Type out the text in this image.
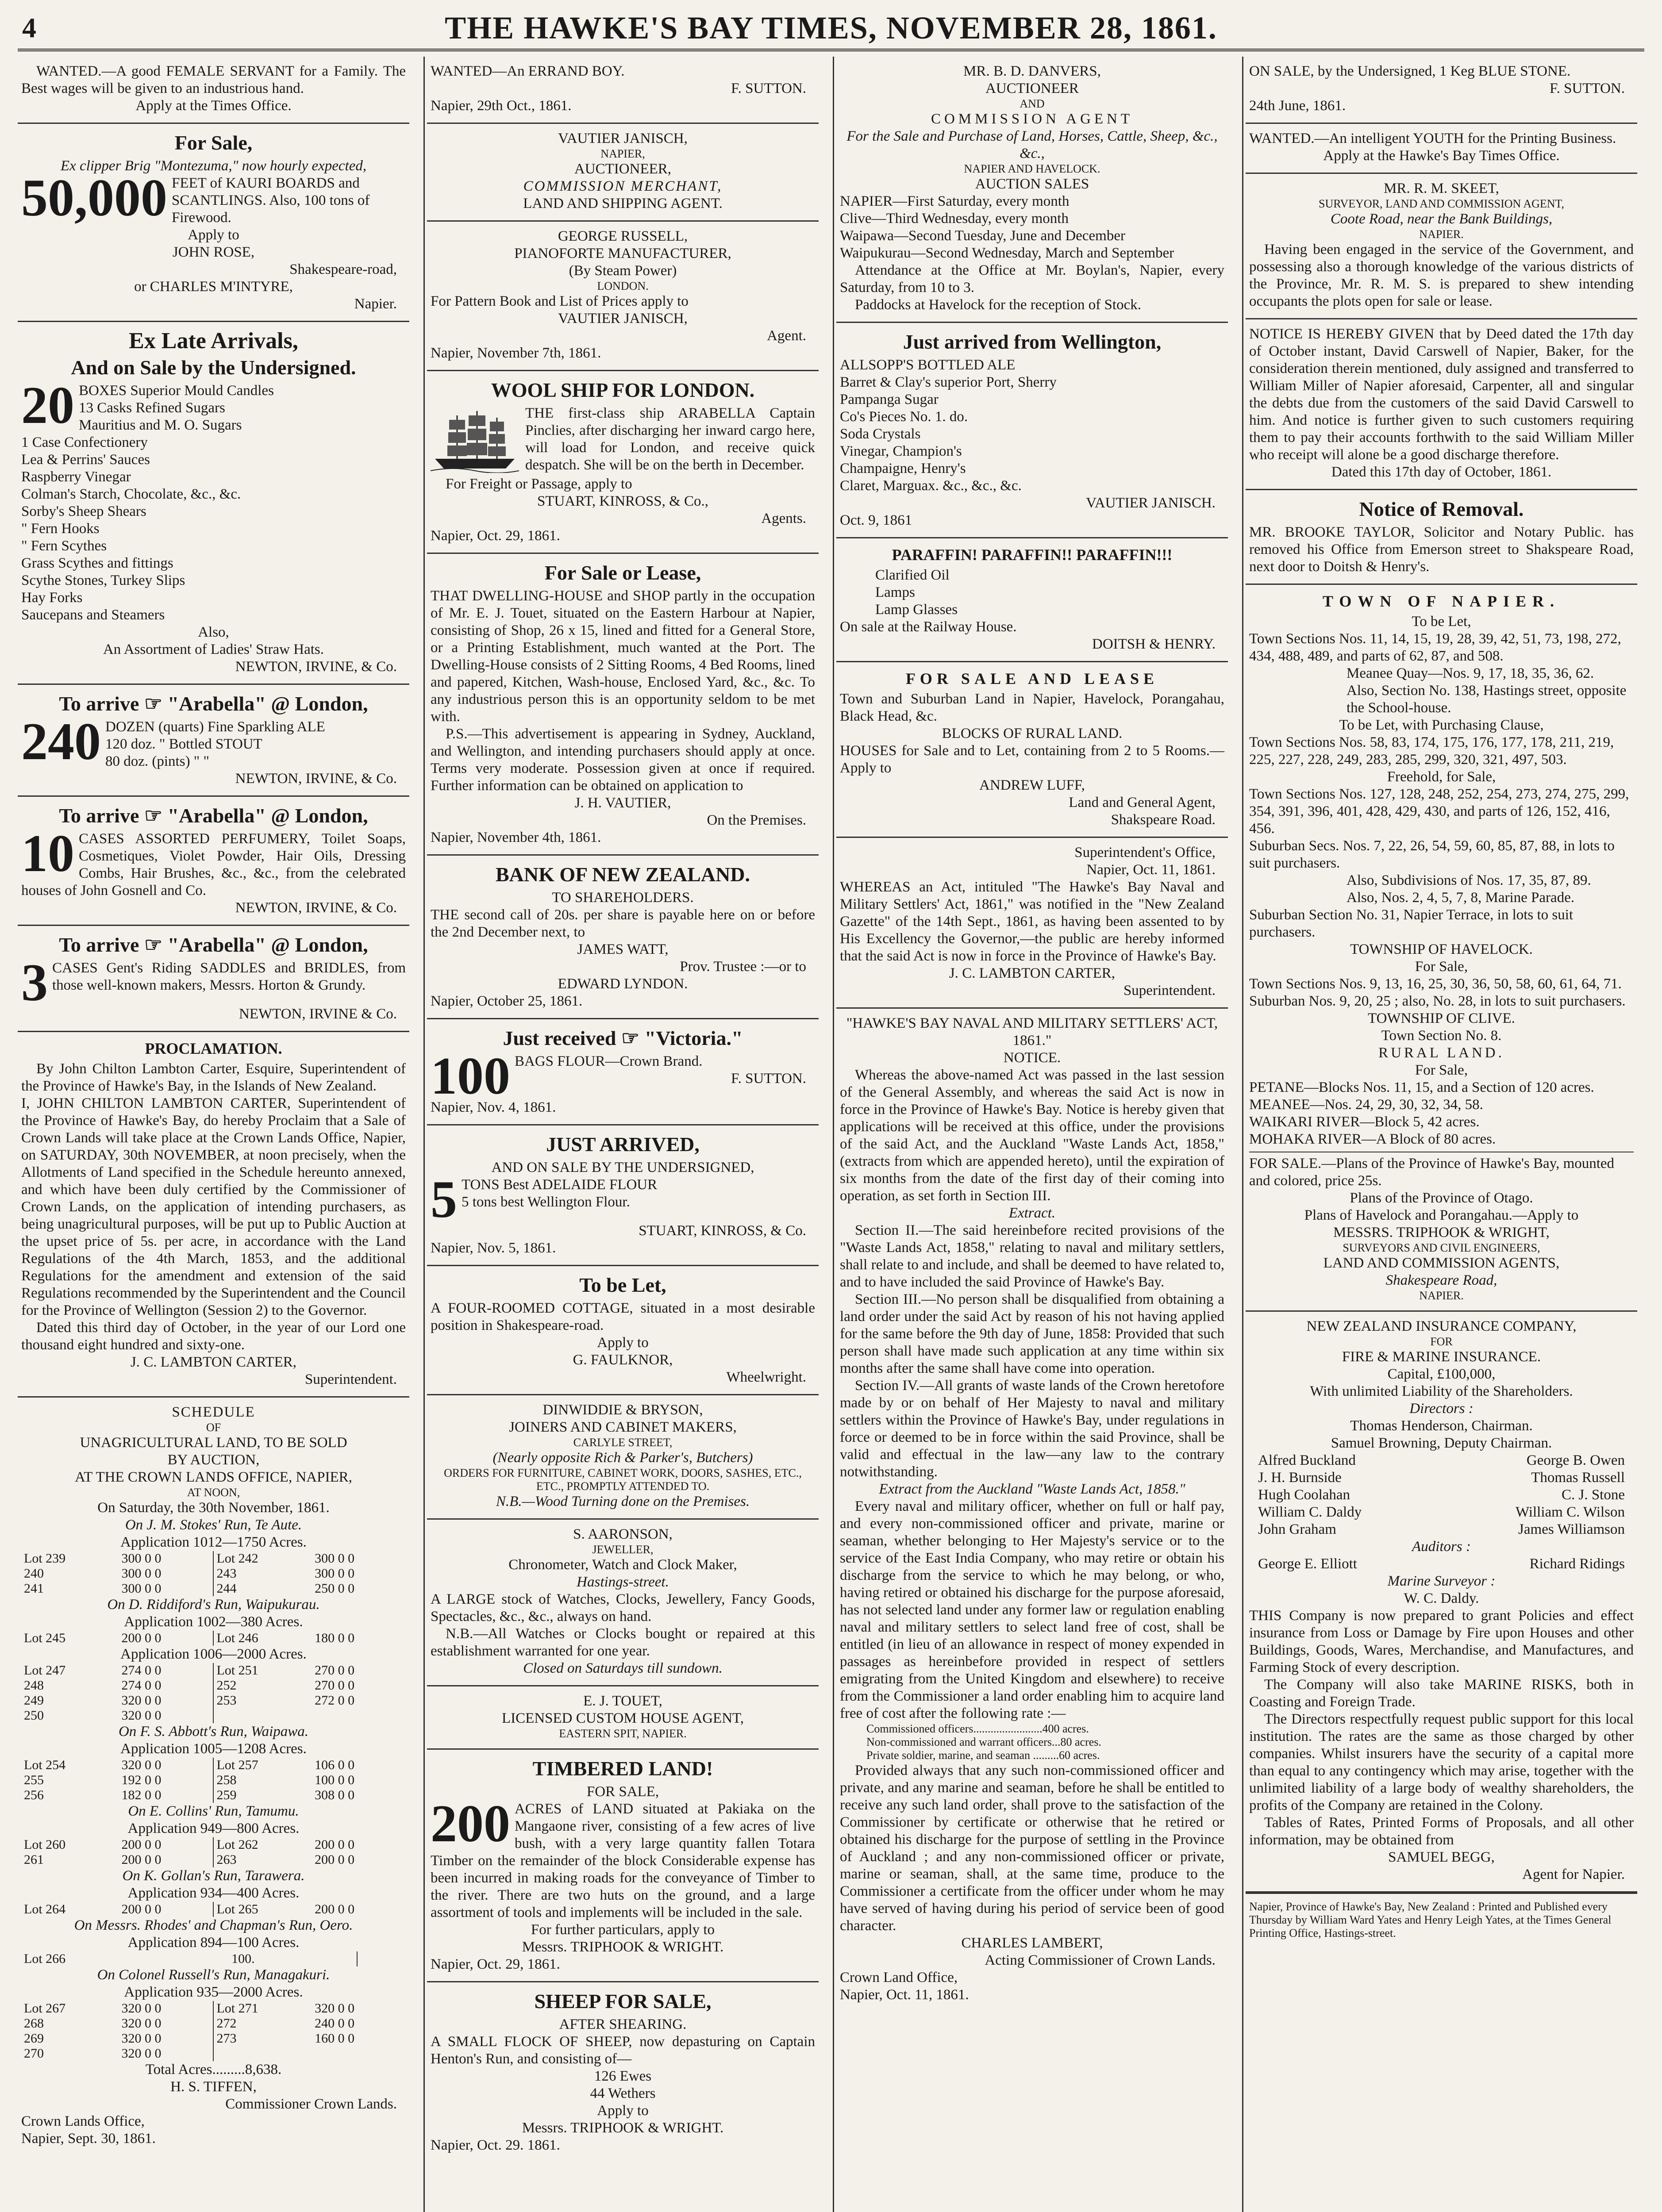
4	THE HAWKE'S BAY TIMES, NOVEMBER 28, 1861.
WANTED.—A good FEMALE SERVANT for a Family. The Best wages will be given to an industrious hand.
Apply at the Times Office.
For Sale,
Ex clipper Brig "Montezuma," now hourly expected,
50,000 FEET of KAURI BOARDS and SCANTLINGS. Also, 100 tons of Firewood.
Apply to
JOHN ROSE,
Shakespeare-road,
or CHARLES M'INTYRE,
Napier.
Ex Late Arrivals,
And on Sale by the Undersigned.
20 BOXES Superior Mould Candles
13 Casks Refined Sugars
Mauritius and M. O. Sugars
1 Case Confectionery
Lea & Perrins' Sauces
Raspberry Vinegar
Colman's Starch, Chocolate, &c., &c.
Sorby's Sheep Shears
" Fern Hooks
" Fern Scythes
Grass Scythes and fittings
Scythe Stones, Turkey Slips
Hay Forks
Saucepans and Steamers
Also,
An Assortment of Ladies' Straw Hats.
NEWTON, IRVINE, & Co.
To arrive ☞ "Arabella" @ London,
240 DOZEN (quarts) Fine Sparkling ALE
120 doz. " Bottled STOUT
80 doz. (pints) " "
NEWTON, IRVINE, & Co.
To arrive ☞ "Arabella" @ London,
10 CASES ASSORTED PERFUMERY, Toilet Soaps, Cosmetiques, Violet Powder, Hair Oils, Dressing Combs, Hair Brushes, &c., &c., from the celebrated houses of John Gosnell and Co.
NEWTON, IRVINE, & Co.
To arrive ☞ "Arabella" @ London,
3 CASES Gent's Riding SADDLES and BRIDLES, from those well-known makers, Messrs. Horton & Grundy.
NEWTON, IRVINE & Co.
PROCLAMATION.
By John Chilton Lambton Carter, Esquire, Superintendent of the Province of Hawke's Bay, in the Islands of New Zealand.
I, JOHN CHILTON LAMBTON CARTER, Superintendent of the Province of Hawke's Bay, do hereby Proclaim that a Sale of Crown Lands will take place at the Crown Lands Office, Napier, on SATURDAY, 30th NOVEMBER, at noon precisely, when the Allotments of Land specified in the Schedule hereunto annexed, and which have been duly certified by the Commissioner of Crown Lands, on the application of intending purchasers, as being unagricultural purposes, will be put up to Public Auction at the upset price of 5s. per acre, in accordance with the Land Regulations of the 4th March, 1853, and the additional Regulations for the amendment and extension of the said Regulations recommended by the Superintendent and the Council for the Province of Wellington (Session 2) to the Governor.
Dated this third day of October, in the year of our Lord one thousand eight hundred and sixty-one.
J. C. LAMBTON CARTER,
Superintendent.
SCHEDULE
OF
UNAGRICULTURAL LAND, TO BE SOLD
BY AUCTION,
AT THE CROWN LANDS OFFICE, NAPIER,
AT NOON,
On Saturday, the 30th November, 1861.
On J. M. Stokes' Run, Te Aute.
Application 1012—1750 Acres.
Lot 239	300 0 0	Lot 242	300 0 0
240	300 0 0	243	300 0 0
241	300 0 0	244	250 0 0
On D. Riddiford's Run, Waipukurau.
Application 1002—380 Acres.
Lot 245	200 0 0	Lot 246	180 0 0
Application 1006—2000 Acres.
Lot 247	274 0 0	Lot 251	270 0 0
248	274 0 0	252	270 0 0
249	320 0 0	253	272 0 0
250	320 0 0		
On F. S. Abbott's Run, Waipawa.
Application 1005—1208 Acres.
Lot 254	320 0 0	Lot 257	106 0 0
255	192 0 0	258	100 0 0
256	182 0 0	259	308 0 0
On E. Collins' Run, Tamumu.
Application 949—800 Acres.
Lot 260	200 0 0	Lot 262	200 0 0
261	200 0 0	263	200 0 0
On K. Gollan's Run, Tarawera.
Application 934—400 Acres.
Lot 264	200 0 0	Lot 265	200 0 0
On Messrs. Rhodes' and Chapman's Run, Oero.
Application 894—100 Acres.
Lot 266	100.		
On Colonel Russell's Run, Managakuri.
Application 935—2000 Acres.
Lot 267	320 0 0	Lot 271	320 0 0
268	320 0 0	272	240 0 0
269	320 0 0	273	160 0 0
270	320 0 0		
Total Acres.........8,638.
H. S. TIFFEN,
Commissioner Crown Lands.
Crown Lands Office,
Napier, Sept. 30, 1861.
WANTED—An ERRAND BOY.
F. SUTTON.
Napier, 29th Oct., 1861.
VAUTIER JANISCH,
NAPIER,
AUCTIONEER,
COMMISSION MERCHANT,
LAND AND SHIPPING AGENT.
GEORGE RUSSELL,
PIANOFORTE MANUFACTURER,
(By Steam Power)
LONDON.
For Pattern Book and List of Prices apply to
VAUTIER JANISCH,
Agent.
Napier, November 7th, 1861.
WOOL SHIP FOR LONDON.
THE first-class ship ARABELLA Captain Pinclies, after discharging her inward cargo here, will load for London, and receive quick despatch. She will be on the berth in December.
For Freight or Passage, apply to
STUART, KINROSS, & Co.,
Agents.
Napier, Oct. 29, 1861.
For Sale or Lease,
THAT DWELLING-HOUSE and SHOP partly in the occupation of Mr. E. J. Touet, situated on the Eastern Harbour at Napier, consisting of Shop, 26 x 15, lined and fitted for a General Store, or a Printing Establishment, much wanted at the Port. The Dwelling-House consists of 2 Sitting Rooms, 4 Bed Rooms, lined and papered, Kitchen, Wash-house, Enclosed Yard, &c., &c. To any industrious person this is an opportunity seldom to be met with.
P.S.—This advertisement is appearing in Sydney, Auckland, and Wellington, and intending purchasers should apply at once. Terms very moderate. Possession given at once if required. Further information can be obtained on application to
J. H. VAUTIER,
On the Premises.
Napier, November 4th, 1861.
BANK OF NEW ZEALAND.
TO SHAREHOLDERS.
THE second call of 20s. per share is payable here on or before the 2nd December next, to
JAMES WATT,
Prov. Trustee :—or to
EDWARD LYNDON.
Napier, October 25, 1861.
Just received ☞ "Victoria."
100 BAGS FLOUR—Crown Brand.
F. SUTTON.
Napier, Nov. 4, 1861.
JUST ARRIVED,
AND ON SALE BY THE UNDERSIGNED,
5 TONS Best ADELAIDE FLOUR
5 tons best Wellington Flour.
STUART, KINROSS, & Co.
Napier, Nov. 5, 1861.
To be Let,
A FOUR-ROOMED COTTAGE, situated in a most desirable position in Shakespeare-road.
Apply to
G. FAULKNOR,
Wheelwright.
DINWIDDIE & BRYSON,
JOINERS AND CABINET MAKERS,
CARLYLE STREET,
(Nearly opposite Rich & Parker's, Butchers)
ORDERS FOR FURNITURE, CABINET WORK, DOORS, SASHES, ETC., ETC., PROMPTLY ATTENDED TO.
N.B.—Wood Turning done on the Premises.
S. AARONSON,
JEWELLER,
Chronometer, Watch and Clock Maker,
Hastings-street.
A LARGE stock of Watches, Clocks, Jewellery, Fancy Goods, Spectacles, &c., &c., always on hand.
N.B.—All Watches or Clocks bought or repaired at this establishment warranted for one year.
Closed on Saturdays till sundown.
E. J. TOUET,
LICENSED CUSTOM HOUSE AGENT,
EASTERN SPIT, NAPIER.
TIMBERED LAND!
FOR SALE,
200 ACRES of LAND situated at Pakiaka on the Mangaone river, consisting of a few acres of live bush, with a very large quantity fallen Totara Timber on the remainder of the block Considerable expense has been incurred in making roads for the conveyance of Timber to the river. There are two huts on the ground, and a large assortment of tools and implements will be included in the sale.
For further particulars, apply to
Messrs. TRIPHOOK & WRIGHT.
Napier, Oct. 29, 1861.
SHEEP FOR SALE,
AFTER SHEARING.
A SMALL FLOCK OF SHEEP, now depasturing on Captain Henton's Run, and consisting of—
126 Ewes
44 Wethers
Apply to
Messrs. TRIPHOOK & WRIGHT.
Napier, Oct. 29. 1861.
MR. B. D. DANVERS,
AUCTIONEER
AND
COMMISSION AGENT
For the Sale and Purchase of Land, Horses, Cattle, Sheep, &c., &c.,
NAPIER AND HAVELOCK.
AUCTION SALES
NAPIER—First Saturday, every month
Clive—Third Wednesday, every month
Waipawa—Second Tuesday, June and December
Waipukurau—Second Wednesday, March and September
Attendance at the Office at Mr. Boylan's, Napier, every Saturday, from 10 to 3.
Paddocks at Havelock for the reception of Stock.
Just arrived from Wellington,
ALLSOPP'S BOTTLED ALE
Barret & Clay's superior Port, Sherry
Pampanga Sugar
Co's Pieces No. 1. do.
Soda Crystals
Vinegar, Champion's
Champaigne, Henry's
Claret, Marguax. &c., &c., &c.
VAUTIER JANISCH.
Oct. 9, 1861
PARAFFIN! PARAFFIN!! PARAFFIN!!!
Clarified Oil
Lamps
Lamp Glasses
On sale at the Railway House.
DOITSH & HENRY.
FOR SALE AND LEASE
Town and Suburban Land in Napier, Havelock, Porangahau, Black Head, &c.
BLOCKS OF RURAL LAND.
HOUSES for Sale and to Let, containing from 2 to 5 Rooms.—Apply to
ANDREW LUFF,
Land and General Agent,
Shakspeare Road.
Superintendent's Office,
Napier, Oct. 11, 1861.
WHEREAS an Act, intituled "The Hawke's Bay Naval and Military Settlers' Act, 1861," was notified in the "New Zealand Gazette" of the 14th Sept., 1861, as having been assented to by His Excellency the Governor,—the public are hereby informed that the said Act is now in force in the Province of Hawke's Bay.
J. C. LAMBTON CARTER,
Superintendent.
"HAWKE'S BAY NAVAL AND MILITARY SETTLERS' ACT, 1861."
NOTICE.
Whereas the above-named Act was passed in the last session of the General Assembly, and whereas the said Act is now in force in the Province of Hawke's Bay. Notice is hereby given that applications will be received at this office, under the provisions of the said Act, and the Auckland "Waste Lands Act, 1858," (extracts from which are appended hereto), until the expiration of six months from the date of the first day of their coming into operation, as set forth in Section III.
Extract.
Section II.—The said hereinbefore recited provisions of the "Waste Lands Act, 1858," relating to naval and military settlers, shall relate to and include, and shall be deemed to have related to, and to have included the said Province of Hawke's Bay.
Section III.—No person shall be disqualified from obtaining a land order under the said Act by reason of his not having applied for the same before the 9th day of June, 1858: Provided that such person shall have made such application at any time within six months after the same shall have come into operation.
Section IV.—All grants of waste lands of the Crown heretofore made by or on behalf of Her Majesty to naval and military settlers within the Province of Hawke's Bay, under regulations in force or deemed to be in force within the said Province, shall be valid and effectual in the law—any law to the contrary notwithstanding.
Extract from the Auckland "Waste Lands Act, 1858."
Every naval and military officer, whether on full or half pay, and every non-commissioned officer and private, marine or seaman, whether belonging to Her Majesty's service or to the service of the East India Company, who may retire or obtain his discharge from the service to which he may belong, or who, having retired or obtained his discharge for the purpose aforesaid, has not selected land under any former law or regulation enabling naval and military settlers to select land free of cost, shall be entitled (in lieu of an allowance in respect of money expended in passages as hereinbefore provided in respect of settlers emigrating from the United Kingdom and elsewhere) to receive from the Commissioner a land order enabling him to acquire land free of cost after the following rate :—
Commissioned officers........................400 acres.
Non-commissioned and warrant officers...80 acres.
Private soldier, marine, and seaman .........60 acres.
Provided always that any such non-commissioned officer and private, and any marine and seaman, before he shall be entitled to receive any such land order, shall prove to the satisfaction of the Commissioner by certificate or otherwise that he retired or obtained his discharge for the purpose of settling in the Province of Auckland ; and any non-commissioned officer or private, marine or seaman, shall, at the same time, produce to the Commissioner a certificate from the officer under whom he may have served of having during his period of service been of good character.
CHARLES LAMBERT,
Acting Commissioner of Crown Lands.
Crown Land Office,
Napier, Oct. 11, 1861.
ON SALE, by the Undersigned, 1 Keg BLUE STONE.
F. SUTTON.
24th June, 1861.
WANTED.—An intelligent YOUTH for the Printing Business.
Apply at the Hawke's Bay Times Office.
MR. R. M. SKEET,
SURVEYOR, LAND AND COMMISSION AGENT,
Coote Road, near the Bank Buildings,
NAPIER.
Having been engaged in the service of the Government, and possessing also a thorough knowledge of the various districts of the Province, Mr. R. M. S. is prepared to shew intending occupants the plots open for sale or lease.
NOTICE IS HEREBY GIVEN that by Deed dated the 17th day of October instant, David Carswell of Napier, Baker, for the consideration therein mentioned, duly assigned and transferred to William Miller of Napier aforesaid, Carpenter, all and singular the debts due from the customers of the said David Carswell to him. And notice is further given to such customers requiring them to pay their accounts forthwith to the said William Miller who receipt will alone be a good discharge therefore.
Dated this 17th day of October, 1861.
Notice of Removal.
MR. BROOKE TAYLOR, Solicitor and Notary Public. has removed his Office from Emerson street to Shakspeare Road, next door to Doitsh & Henry's.
TOWN OF NAPIER.
To be Let,
Town Sections Nos. 11, 14, 15, 19, 28, 39, 42, 51, 73, 198, 272, 434, 488, 489, and parts of 62, 87, and 508.
Meanee Quay—Nos. 9, 17, 18, 35, 36, 62.
Also, Section No. 138, Hastings street, opposite the School-house.
To be Let, with Purchasing Clause,
Town Sections Nos. 58, 83, 174, 175, 176, 177, 178, 211, 219, 225, 227, 228, 249, 283, 285, 299, 320, 321, 497, 503.
Freehold, for Sale,
Town Sections Nos. 127, 128, 248, 252, 254, 273, 274, 275, 299, 354, 391, 396, 401, 428, 429, 430, and parts of 126, 152, 416, 456.
Suburban Secs. Nos. 7, 22, 26, 54, 59, 60, 85, 87, 88, in lots to suit purchasers.
Also, Subdivisions of Nos. 17, 35, 87, 89.
Also, Nos. 2, 4, 5, 7, 8, Marine Parade.
Suburban Section No. 31, Napier Terrace, in lots to suit purchasers.
TOWNSHIP OF HAVELOCK.
For Sale,
Town Sections Nos. 9, 13, 16, 25, 30, 36, 50, 58, 60, 61, 64, 71.
Suburban Nos. 9, 20, 25 ; also, No. 28, in lots to suit purchasers.
TOWNSHIP OF CLIVE.
Town Section No. 8.
RURAL LAND.
For Sale,
PETANE—Blocks Nos. 11, 15, and a Section of 120 acres.
MEANEE—Nos. 24, 29, 30, 32, 34, 58.
WAIKARI RIVER—Block 5, 42 acres.
MOHAKA RIVER—A Block of 80 acres.
FOR SALE.—Plans of the Province of Hawke's Bay, mounted and colored, price 25s.
Plans of the Province of Otago.
Plans of Havelock and Porangahau.—Apply to
MESSRS. TRIPHOOK & WRIGHT,
SURVEYORS AND CIVIL ENGINEERS,
LAND AND COMMISSION AGENTS,
Shakespeare Road,
NAPIER.
NEW ZEALAND INSURANCE COMPANY,
FOR
FIRE & MARINE INSURANCE.
Capital, £100,000,
With unlimited Liability of the Shareholders.
Directors :
Thomas Henderson, Chairman.
Samuel Browning, Deputy Chairman.
Alfred Buckland	George B. Owen
J. H. Burnside	Thomas Russell
Hugh Coolahan	C. J. Stone
William C. Daldy	William C. Wilson
John Graham	James Williamson
Auditors :
George E. Elliott	Richard Ridings
Marine Surveyor :
W. C. Daldy.
THIS Company is now prepared to grant Policies and effect insurance from Loss or Damage by Fire upon Houses and other Buildings, Goods, Wares, Merchandise, and Manufactures, and Farming Stock of every description.
The Company will also take MARINE RISKS, both in Coasting and Foreign Trade.
The Directors respectfully request public support for this local institution. The rates are the same as those charged by other companies. Whilst insurers have the security of a capital more than equal to any contingency which may arise, together with the unlimited liability of a large body of wealthy shareholders, the profits of the Company are retained in the Colony.
Tables of Rates, Printed Forms of Proposals, and all other information, may be obtained from
SAMUEL BEGG,
Agent for Napier.
Napier, Province of Hawke's Bay, New Zealand : Printed and Published every Thursday by William Ward Yates and Henry Leigh Yates, at the Times General Printing Office, Hastings-street.
